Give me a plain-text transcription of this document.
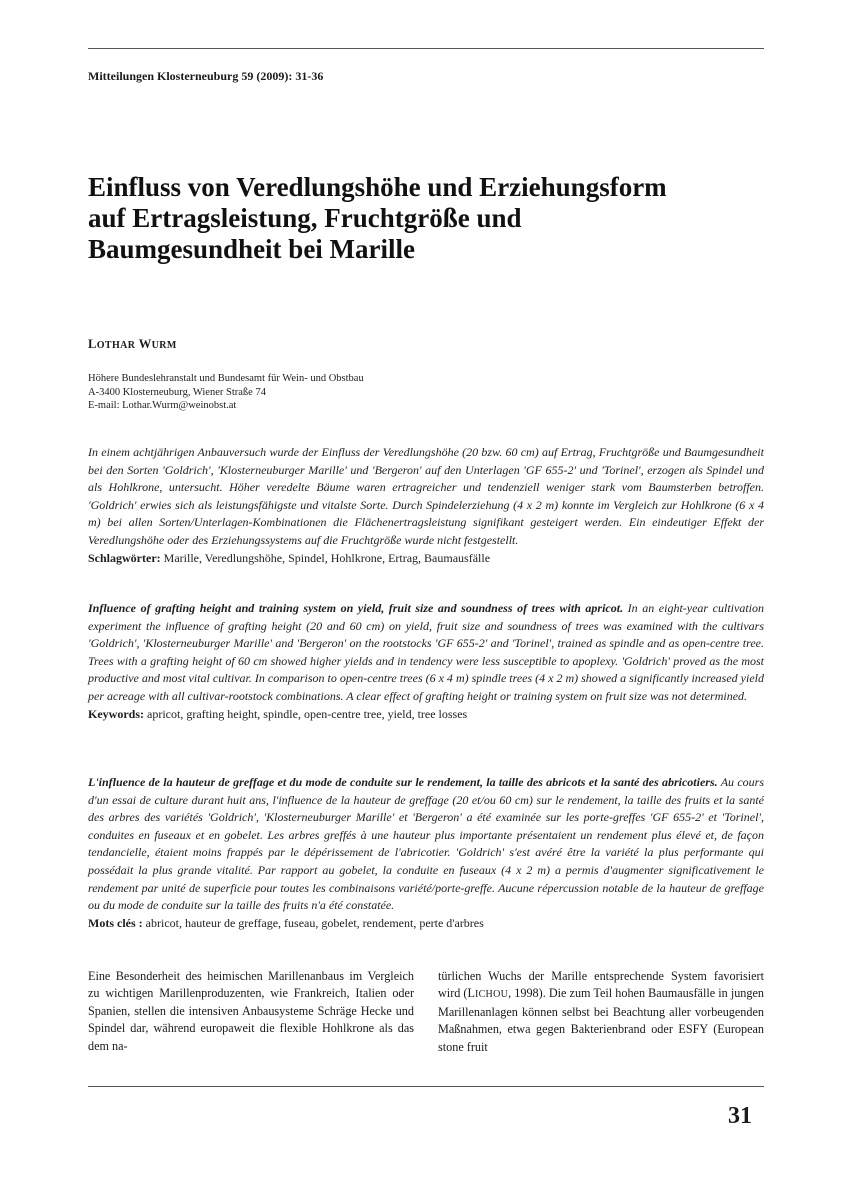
Mitteilungen Klosterneuburg 59 (2009): 31-36
Einfluss von Veredlungshöhe und Erziehungsform
auf Ertragsleistung, Fruchtgröße und
Baumgesundheit bei Marille
LOTHAR WURM
Höhere Bundeslehranstalt und Bundesamt für Wein- und Obstbau
A-3400 Klosterneuburg, Wiener Straße 74
E-mail: Lothar.Wurm@weinobst.at
In einem achtjährigen Anbauversuch wurde der Einfluss der Veredlungshöhe (20 bzw. 60 cm) auf Ertrag, Fruchtgröße und Baumgesundheit bei den Sorten 'Goldrich', 'Klosterneuburger Marille' und 'Bergeron' auf den Unterlagen 'GF 655-2' und 'Torinel', erzogen als Spindel und als Hohlkrone, untersucht. Höher veredelte Bäume waren ertragreicher und tendenziell weniger stark vom Baumsterben betroffen. 'Goldrich' erwies sich als leistungsfähigste und vitalste Sorte. Durch Spindelerziehung (4 x 2 m) konnte im Vergleich zur Hohlkrone (6 x 4 m) bei allen Sorten/Unterlagen-Kombinationen die Flächenertragsleistung signifikant gesteigert werden. Ein eindeutiger Effekt der Veredlungshöhe oder des Erziehungssystems auf die Fruchtgröße wurde nicht festgestellt.
Schlagwörter: Marille, Veredlungshöhe, Spindel, Hohlkrone, Ertrag, Baumausfälle
Influence of grafting height and training system on yield, fruit size and soundness of trees with apricot. In an eight-year cultivation experiment the influence of grafting height (20 and 60 cm) on yield, fruit size and soundness of trees was examined with the cultivars 'Goldrich', 'Klosterneuburger Marille' and 'Bergeron' on the rootstocks 'GF 655-2' and 'Torinel', trained as spindle and as open-centre tree. Trees with a grafting height of 60 cm showed higher yields and in tendency were less susceptible to apoplexy. 'Goldrich' proved as the most productive and most vital cultivar. In comparison to open-centre trees (6 x 4 m) spindle trees (4 x 2 m) showed a significantly increased yield per acreage with all cultivar-rootstock combinations. A clear effect of grafting height or training system on fruit size was not determined.
Keywords: apricot, grafting height, spindle, open-centre tree, yield, tree losses
L'influence de la hauteur de greffage et du mode de conduite sur le rendement, la taille des abricots et la santé des abricotiers. Au cours d'un essai de culture durant huit ans, l'influence de la hauteur de greffage (20 et/ou 60 cm) sur le rendement, la taille des fruits et la santé des arbres des variétés 'Goldrich', 'Klosterneuburger Marille' et 'Bergeron' a été examinée sur les porte-greffes 'GF 655-2' et 'Torinel', conduites en fuseaux et en gobelet. Les arbres greffés à une hauteur plus importante présentaient un rendement plus élevé et, de façon tendancielle, étaient moins frappés par le dépérissement de l'abricotier. 'Goldrich' s'est avéré être la variété la plus performante qui possédait la plus grande vitalité. Par rapport au gobelet, la conduite en fuseaux (4 x 2 m) a permis d'augmenter significativement le rendement par unité de superficie pour toutes les combinaisons variété/porte-greffe. Aucune répercussion notable de la hauteur de greffage ou du mode de conduite sur la taille des fruits n'a été constatée.
Mots clés : abricot, hauteur de greffage, fuseau, gobelet, rendement, perte d'arbres
Eine Besonderheit des heimischen Marillenanbaus im Vergleich zu wichtigen Marillenproduzenten, wie Frankreich, Italien oder Spanien, stellen die intensiven Anbausysteme Schräge Hecke und Spindel dar, während europaweit die flexible Hohlkrone als das dem na-
türlichen Wuchs der Marille entsprechende System favorisiert wird (LICHOU, 1998). Die zum Teil hohen Baumausfälle in jungen Marillenanlagen können selbst bei Beachtung aller vorbeugenden Maßnahmen, etwa gegen Bakterienbrand oder ESFY (European stone fruit
31
